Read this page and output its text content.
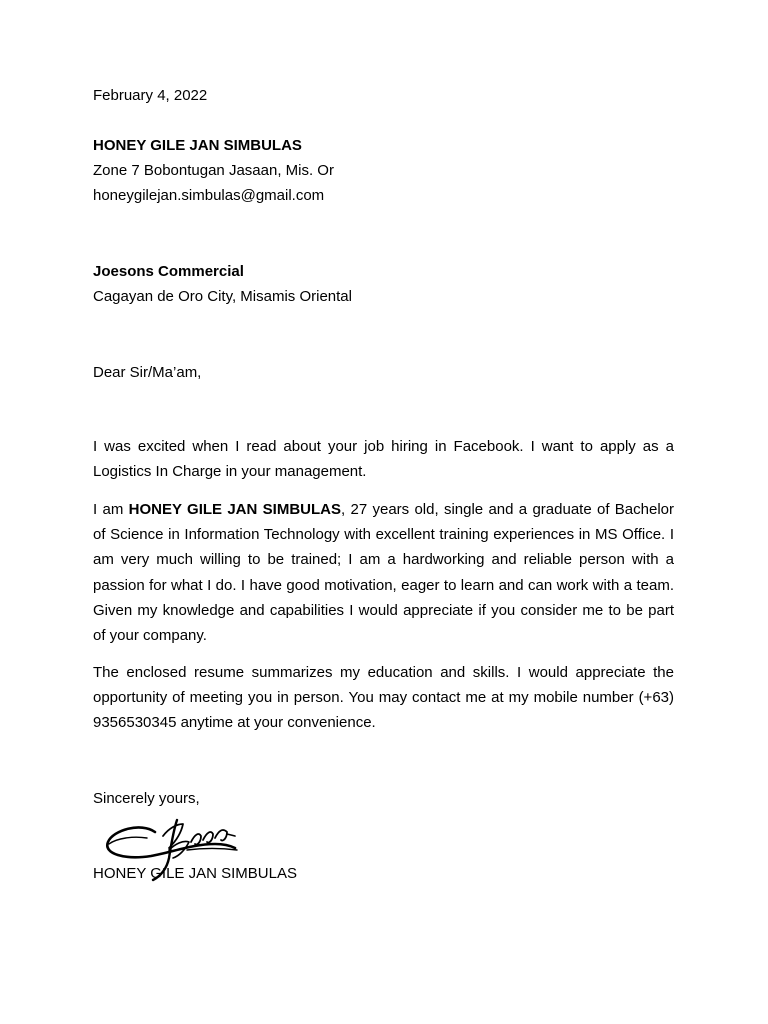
February 4, 2022
HONEY GILE JAN SIMBULAS
Zone 7 Bobontugan Jasaan, Mis. Or
honeygilejan.simbulas@gmail.com
Joesons Commercial
Cagayan de Oro City, Misamis Oriental
Dear Sir/Ma’am,

I was excited when I read about your job hiring in Facebook. I want to apply as a Logistics In Charge in your management.

I am HONEY GILE JAN SIMBULAS, 27 years old, single and a graduate of Bachelor of Science in Information Technology with excellent training experiences in MS Office. I am very much willing to be trained; I am a hardworking and reliable person with a passion for what I do. I have good motivation, eager to learn and can work with a team. Given my knowledge and capabilities I would appreciate if you consider me to be part of your company.

The enclosed resume summarizes my education and skills. I would appreciate the opportunity of meeting you in person. You may contact me at my mobile number (+63) 9356530345 anytime at your convenience.

Sincerely yours,
HONEY GILE JAN SIMBULAS
